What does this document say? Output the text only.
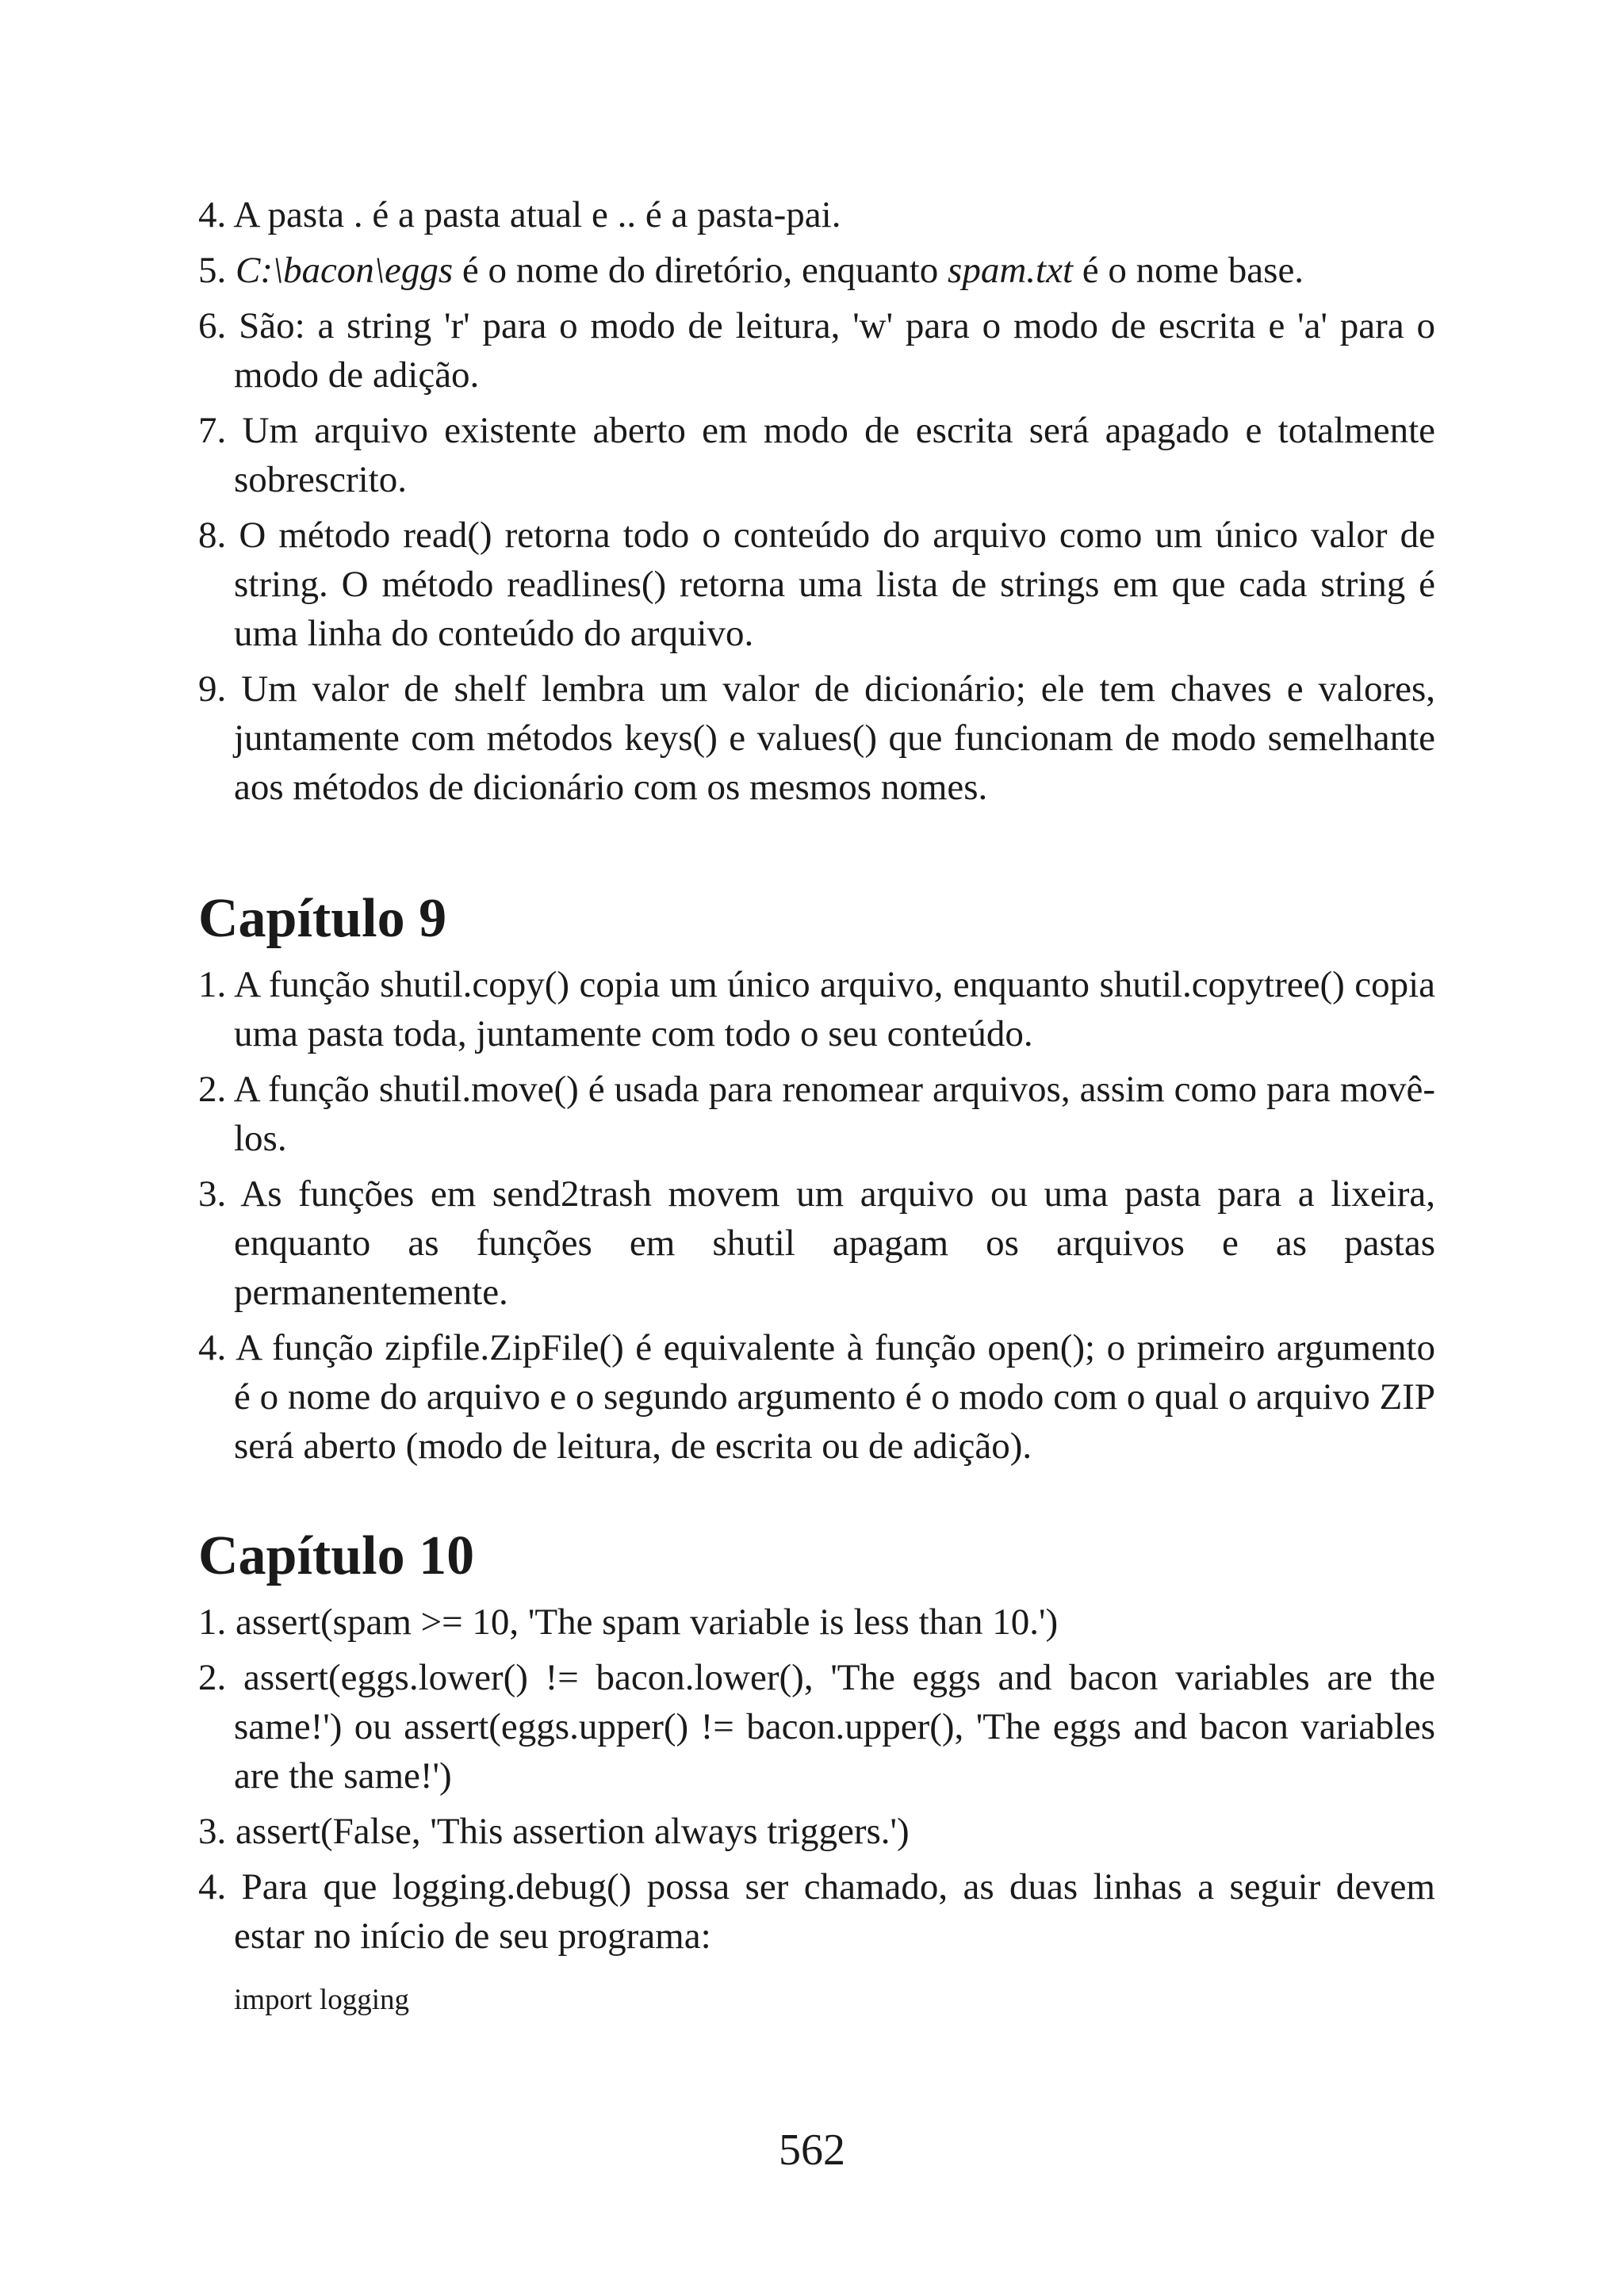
4. A pasta . é a pasta atual e .. é a pasta-pai.
5. C:\bacon\eggs é o nome do diretório, enquanto spam.txt é o nome base.
6. São: a string 'r' para o modo de leitura, 'w' para o modo de escrita e 'a' para o modo de adição.
7. Um arquivo existente aberto em modo de escrita será apagado e totalmente sobrescrito.
8. O método read() retorna todo o conteúdo do arquivo como um único valor de string. O método readlines() retorna uma lista de strings em que cada string é uma linha do conteúdo do arquivo.
9. Um valor de shelf lembra um valor de dicionário; ele tem chaves e valores, juntamente com métodos keys() e values() que funcionam de modo semelhante aos métodos de dicionário com os mesmos nomes.
Capítulo 9
1. A função shutil.copy() copia um único arquivo, enquanto shutil.copytree() copia uma pasta toda, juntamente com todo o seu conteúdo.
2. A função shutil.move() é usada para renomear arquivos, assim como para movê-los.
3. As funções em send2trash movem um arquivo ou uma pasta para a lixeira, enquanto as funções em shutil apagam os arquivos e as pastas permanentemente.
4. A função zipfile.ZipFile() é equivalente à função open(); o primeiro argumento é o nome do arquivo e o segundo argumento é o modo com o qual o arquivo ZIP será aberto (modo de leitura, de escrita ou de adição).
Capítulo 10
1. assert(spam >= 10, 'The spam variable is less than 10.')
2. assert(eggs.lower() != bacon.lower(), 'The eggs and bacon variables are the same!') ou assert(eggs.upper() != bacon.upper(), 'The eggs and bacon variables are the same!')
3. assert(False, 'This assertion always triggers.')
4. Para que logging.debug() possa ser chamado, as duas linhas a seguir devem estar no início de seu programa:
import logging
562
